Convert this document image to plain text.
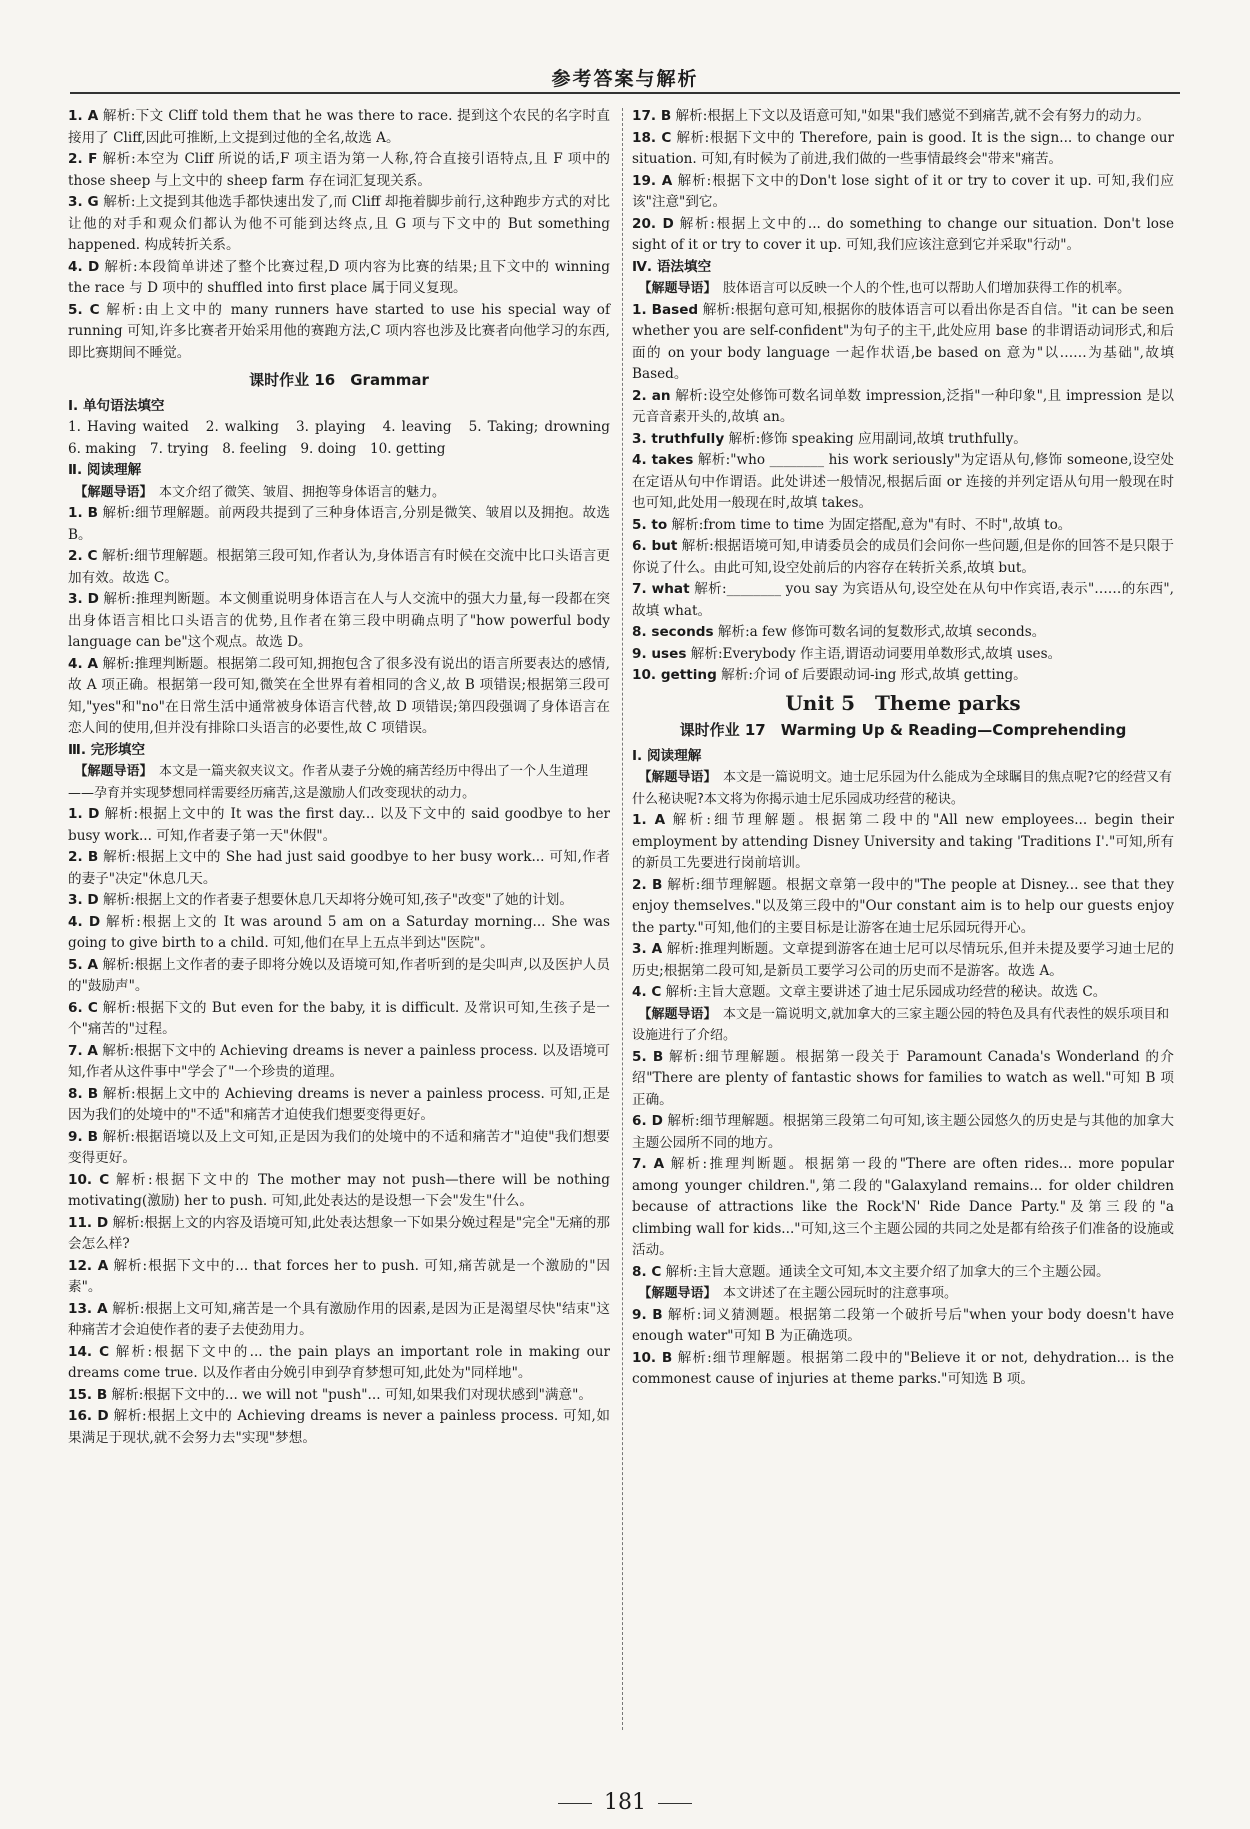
参考答案与解析

1. A 解析:下文 Cliff told them that he was there to race. 提到这个农民的名字时直接用了 Cliff,因此可推断,上文提到过他的全名,故选 A。

2. F 解析:本空为 Cliff 所说的话,F 项主语为第一人称,符合直接引语特点,且 F 项中的 those sheep 与上文中的 sheep farm 存在词汇复现关系。

3. G 解析:上文提到其他选手都快速出发了,而 Cliff 却拖着脚步前行,这种跑步方式的对比让他的对手和观众们都认为他不可能到达终点,且 G 项与下文中的 But something happened. 构成转折关系。

4. D 解析:本段简单讲述了整个比赛过程,D 项内容为比赛的结果;且下文中的 winning the race 与 D 项中的 shuffled into first place 属于同义复现。

5. C 解析:由上文中的 many runners have started to use his special way of running 可知,许多比赛者开始采用他的赛跑方法,C 项内容也涉及比赛者向他学习的东西,即比赛期间不睡觉。

课时作业 16　Grammar

Ⅰ. 单句语法填空

1. Having waited　2. walking　3. playing　4. leaving　5. Taking; drowning　6. making　7. trying　8. feeling　9. doing　10. getting

Ⅱ. 阅读理解

　【解题导语】　 本文介绍了微笑、皱眉、拥抱等身体语言的魅力。

1. B 解析:细节理解题。前两段共提到了三种身体语言,分别是微笑、皱眉以及拥抱。故选 B。

2. C 解析:细节理解题。根据第三段可知,作者认为,身体语言有时候在交流中比口头语言更加有效。故选 C。

3. D 解析:推理判断题。本文侧重说明身体语言在人与人交流中的强大力量,每一段都在突出身体语言相比口头语言的优势,且作者在第三段中明确点明了"how powerful body language can be"这个观点。故选 D。

4. A 解析:推理判断题。根据第二段可知,拥抱包含了很多没有说出的语言所要表达的感情,故 A 项正确。根据第一段可知,微笑在全世界有着相同的含义,故 B 项错误;根据第三段可知,"yes"和"no"在日常生活中通常被身体语言代替,故 D 项错误;第四段强调了身体语言在恋人间的使用,但并没有排除口头语言的必要性,故 C 项错误。

Ⅲ. 完形填空

　【解题导语】　 本文是一篇夹叙夹议文。作者从妻子分娩的痛苦经历中得出了一个人生道理——孕育并实现梦想同样需要经历痛苦,这是激励人们改变现状的动力。

1. D 解析:根据上文中的 It was the first day... 以及下文中的 said goodbye to her busy work... 可知,作者妻子第一天"休假"。

2. B 解析:根据上文中的 She had just said goodbye to her busy work... 可知,作者的妻子"决定"休息几天。

3. D 解析:根据上文的作者妻子想要休息几天却将分娩可知,孩子"改变"了她的计划。

4. D 解析:根据上文的 It was around 5 am on a Saturday morning... She was going to give birth to a child. 可知,他们在早上五点半到达"医院"。

5. A 解析:根据上文作者的妻子即将分娩以及语境可知,作者听到的是尖叫声,以及医护人员的"鼓励声"。

6. C 解析:根据下文的 But even for the baby, it is difficult. 及常识可知,生孩子是一个"痛苦的"过程。

7. A 解析:根据下文中的 Achieving dreams is never a painless process. 以及语境可知,作者从这件事中"学会了"一个珍贵的道理。

8. B 解析:根据上文中的 Achieving dreams is never a painless process. 可知,正是因为我们的处境中的"不适"和痛苦才迫使我们想要变得更好。

9. B 解析:根据语境以及上文可知,正是因为我们的处境中的不适和痛苦才"迫使"我们想要变得更好。

10. C 解析:根据下文中的 The mother may not push—there will be nothing motivating(激励) her to push. 可知,此处表达的是设想一下会"发生"什么。

11. D 解析:根据上文的内容及语境可知,此处表达想象一下如果分娩过程是"完全"无痛的那会怎么样?

12. A 解析:根据下文中的... that forces her to push. 可知,痛苦就是一个激励的"因素"。

13. A 解析:根据上文可知,痛苦是一个具有激励作用的因素,是因为正是渴望尽快"结束"这种痛苦才会迫使作者的妻子去使劲用力。

14. C 解析:根据下文中的... the pain plays an important role in making our dreams come true. 以及作者由分娩引申到孕育梦想可知,此处为"同样地"。

15. B 解析:根据下文中的... we will not "push"... 可知,如果我们对现状感到"满意"。

16. D 解析:根据上文中的 Achieving dreams is never a painless process. 可知,如果满足于现状,就不会努力去"实现"梦想。

17. B 解析:根据上下文以及语意可知,"如果"我们感觉不到痛苦,就不会有努力的动力。

18. C 解析:根据下文中的 Therefore, pain is good. It is the sign... to change our situation. 可知,有时候为了前进,我们做的一些事情最终会"带来"痛苦。

19. A 解析:根据下文中的Don't lose sight of it or try to cover it up. 可知,我们应该"注意"到它。

20. D 解析:根据上文中的... do something to change our situation. Don't lose sight of it or try to cover it up. 可知,我们应该注意到它并采取"行动"。

Ⅳ. 语法填空

　【解题导语】　 肢体语言可以反映一个人的个性,也可以帮助人们增加获得工作的机率。

1. Based 解析:根据句意可知,根据你的肢体语言可以看出你是否自信。"it can be seen whether you are self-confident"为句子的主干,此处应用 base 的非谓语动词形式,和后面的 on your body language 一起作状语,be based on 意为"以……为基础",故填 Based。

2. an 解析:设空处修饰可数名词单数 impression,泛指"一种印象",且 impression 是以元音音素开头的,故填 an。

3. truthfully 解析:修饰 speaking 应用副词,故填 truthfully。

4. takes 解析:"who ________ his work seriously"为定语从句,修饰 someone,设空处在定语从句中作谓语。此处讲述一般情况,根据后面 or 连接的并列定语从句用一般现在时也可知,此处用一般现在时,故填 takes。

5. to 解析:from time to time 为固定搭配,意为"有时、不时",故填 to。

6. but 解析:根据语境可知,申请委员会的成员们会问你一些问题,但是你的回答不是只限于你说了什么。由此可知,设空处前后的内容存在转折关系,故填 but。

7. what 解析:________ you say 为宾语从句,设空处在从句中作宾语,表示"……的东西",故填 what。

8. seconds 解析:a few 修饰可数名词的复数形式,故填 seconds。

9. uses 解析:Everybody 作主语,谓语动词要用单数形式,故填 uses。

10. getting 解析:介词 of 后要跟动词-ing 形式,故填 getting。

Unit 5　Theme parks

课时作业 17　Warming Up & Reading—Comprehending

Ⅰ. 阅读理解

　【解题导语】　 本文是一篇说明文。迪士尼乐园为什么能成为全球瞩目的焦点呢?它的经营又有什么秘诀呢?本文将为你揭示迪士尼乐园成功经营的秘诀。

1. A 解析:细节理解题。根据第二段中的"All new employees... begin their employment by attending Disney University and taking 'Traditions I'."可知,所有的新员工先要进行岗前培训。

2. B 解析:细节理解题。根据文章第一段中的"The people at Disney... see that they enjoy themselves."以及第三段中的"Our constant aim is to help our guests enjoy the party."可知,他们的主要目标是让游客在迪士尼乐园玩得开心。

3. A 解析:推理判断题。文章提到游客在迪士尼可以尽情玩乐,但并未提及要学习迪士尼的历史;根据第二段可知,是新员工要学习公司的历史而不是游客。故选 A。

4. C 解析:主旨大意题。文章主要讲述了迪士尼乐园成功经营的秘诀。故选 C。

　【解题导语】　 本文是一篇说明文,就加拿大的三家主题公园的特色及具有代表性的娱乐项目和设施进行了介绍。

5. B 解析:细节理解题。根据第一段关于 Paramount Canada's Wonderland 的介绍"There are plenty of fantastic shows for families to watch as well."可知 B 项正确。

6. D 解析:细节理解题。根据第三段第二句可知,该主题公园悠久的历史是与其他的加拿大主题公园所不同的地方。

7. A 解析:推理判断题。根据第一段的"There are often rides... more popular among younger children.",第二段的"Galaxyland remains... for older children because of attractions like the Rock'N' Ride Dance Party."及第三段的"a climbing wall for kids..."可知,这三个主题公园的共同之处是都有给孩子们准备的设施或活动。

8. C 解析:主旨大意题。通读全文可知,本文主要介绍了加拿大的三个主题公园。

　【解题导语】　 本文讲述了在主题公园玩时的注意事项。

9. B 解析:词义猜测题。根据第二段第一个破折号后"when your body doesn't have enough water"可知 B 为正确选项。

10. B 解析:细节理解题。根据第二段中的"Believe it or not, dehydration... is the commonest cause of injuries at theme parks."可知选 B 项。

181
